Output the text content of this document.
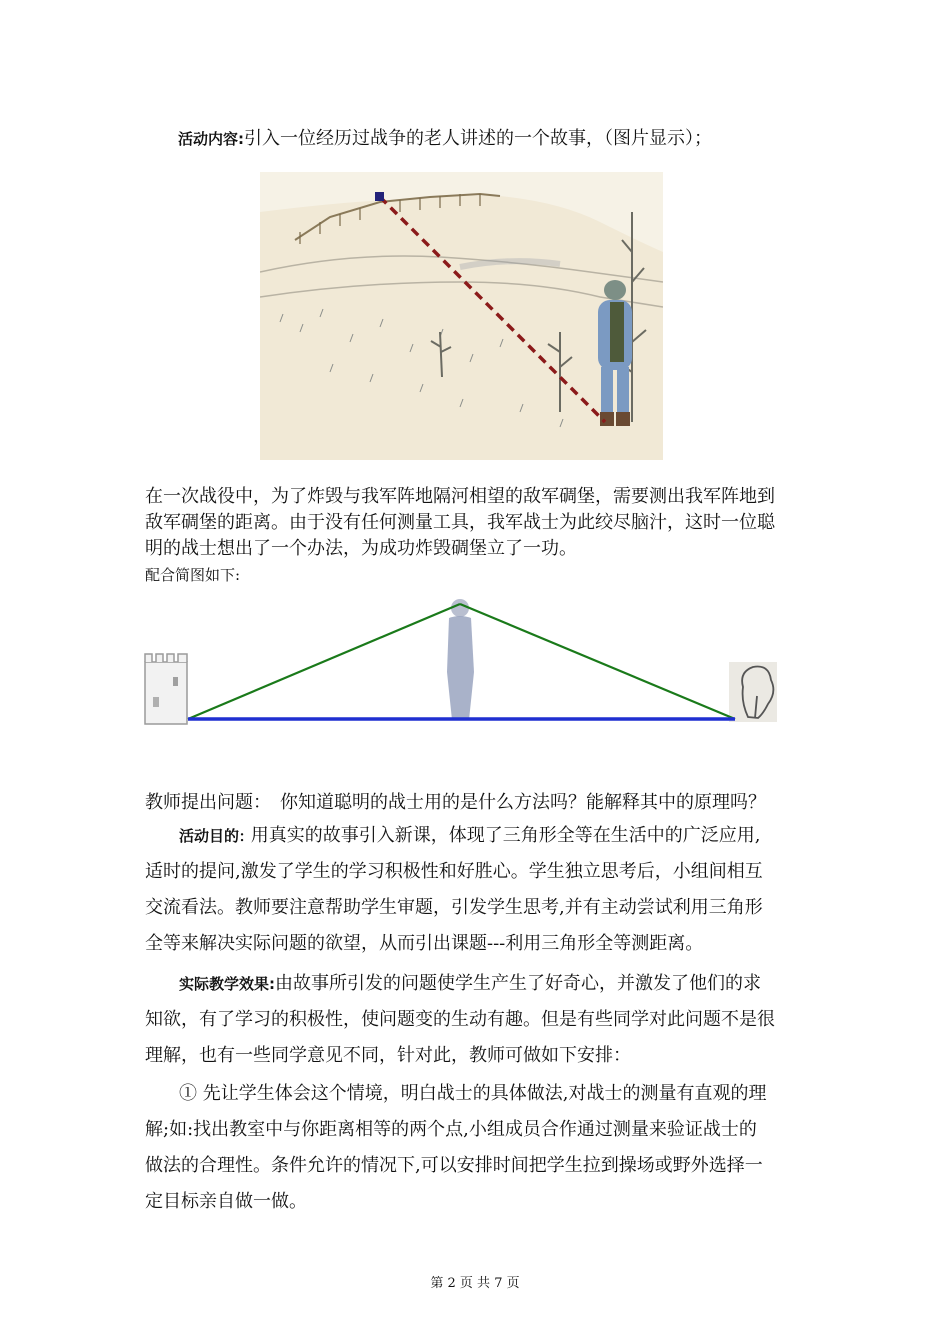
活动内容:引入一位经历过战争的老人讲述的一个故事，（图片显示）；
在一次战役中，为了炸毁与我军阵地隔河相望的敌军碉堡，需要测出我军阵地到
敌军碉堡的距离。由于没有任何测量工具，我军战士为此绞尽脑汁，这时一位聪
明的战士想出了一个办法，为成功炸毁碉堡立了一功。
配合简图如下:
教师提出问题：　你知道聪明的战士用的是什么方法吗？能解释其中的原理吗？
活动目的: 用真实的故事引入新课，体现了三角形全等在生活中的广泛应用,
适时的提问,激发了学生的学习积极性和好胜心。学生独立思考后，小组间相互
交流看法。教师要注意帮助学生审题，引发学生思考,并有主动尝试利用三角形
全等来解决实际问题的欲望，从而引出课题---利用三角形全等测距离。
实际教学效果:由故事所引发的问题使学生产生了好奇心，并激发了他们的求
知欲，有了学习的积极性，使问题变的生动有趣。但是有些同学对此问题不是很
理解，也有一些同学意见不同，针对此，教师可做如下安排：
① 先让学生体会这个情境，明白战士的具体做法,对战士的测量有直观的理
解;如:找出教室中与你距离相等的两个点,小组成员合作通过测量来验证战士的
做法的合理性。条件允许的情况下,可以安排时间把学生拉到操场或野外选择一
定目标亲自做一做。
第 2 页 共 7 页
